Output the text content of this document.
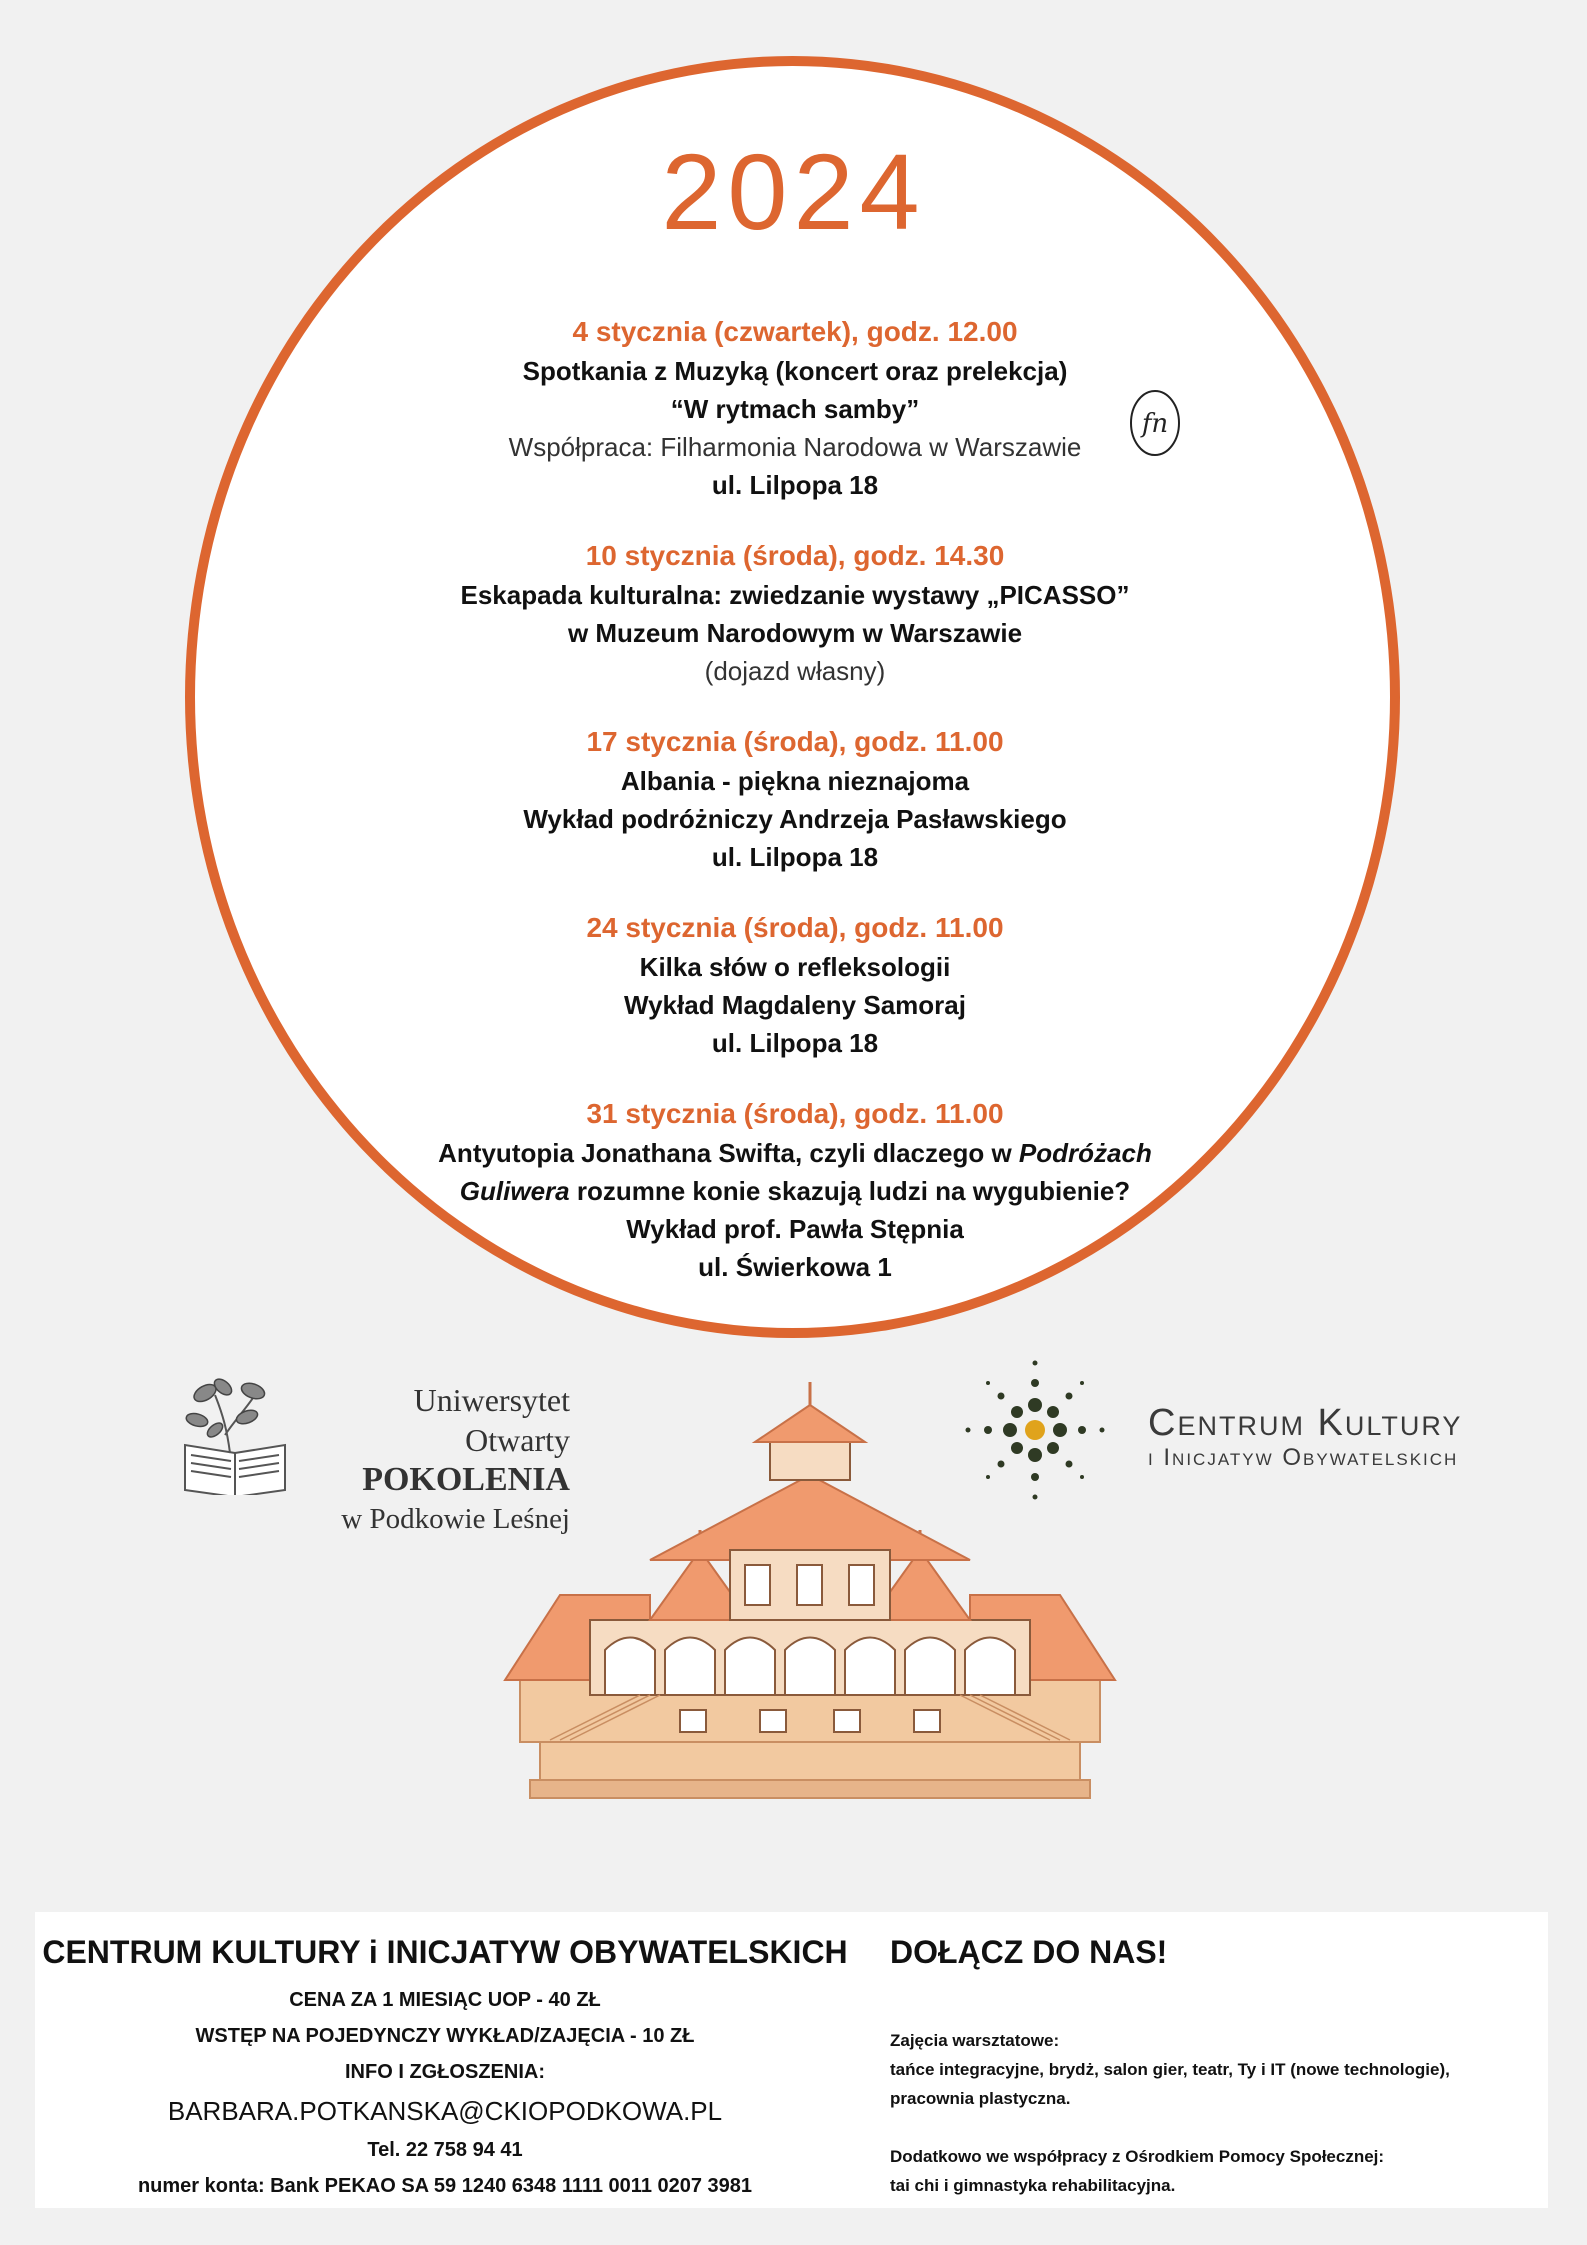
2024
4 stycznia (czwartek), godz. 12.00
Spotkania z Muzyką (koncert oraz prelekcja)
“W rytmach samby”
Współpraca: Filharmonia Narodowa w Warszawie
ul. Lilpopa 18
10 stycznia (środa), godz. 14.30
Eskapada kulturalna: zwiedzanie wystawy „PICASSO”
w Muzeum Narodowym w Warszawie
(dojazd własny)
17 stycznia (środa), godz. 11.00
Albania - piękna nieznajoma
Wykład podróżniczy Andrzeja Pasławskiego
ul. Lilpopa 18
24 stycznia (środa), godz. 11.00
Kilka słów o refleksologii
Wykład Magdaleny Samoraj
ul. Lilpopa 18
31 stycznia (środa), godz. 11.00
Antyutopia Jonathana Swifta, czyli dlaczego w Podróżach
Guliwera rozumne konie skazują ludzi na wygubienie?
Wykład prof. Pawła Stępnia
ul. Świerkowa 1
fn
Uniwersytet Otwarty
POKOLENIA
w Podkowie Leśnej
Centrum Kultury
i Inicjatyw Obywatelskich
CENTRUM KULTURY i INICJATYW OBYWATELSKICH
CENA ZA 1 MIESIĄC UOP - 40 ZŁ
WSTĘP NA POJEDYNCZY WYKŁAD/ZAJĘCIA - 10 ZŁ
INFO I ZGŁOSZENIA:
BARBARA.POTKANSKA@CKIOPODKOWA.PL
Tel. 22 758 94 41
numer konta: Bank PEKAO SA 59 1240 6348 1111 0011 0207 3981
DOŁĄCZ DO NAS!
Zajęcia warsztatowe:
tańce integracyjne, brydż, salon gier, teatr, Ty i IT (nowe technologie),
pracownia plastyczna.
Dodatkowo we współpracy z Ośrodkiem Pomocy Społecznej:
tai chi i gimnastyka rehabilitacyjna.
